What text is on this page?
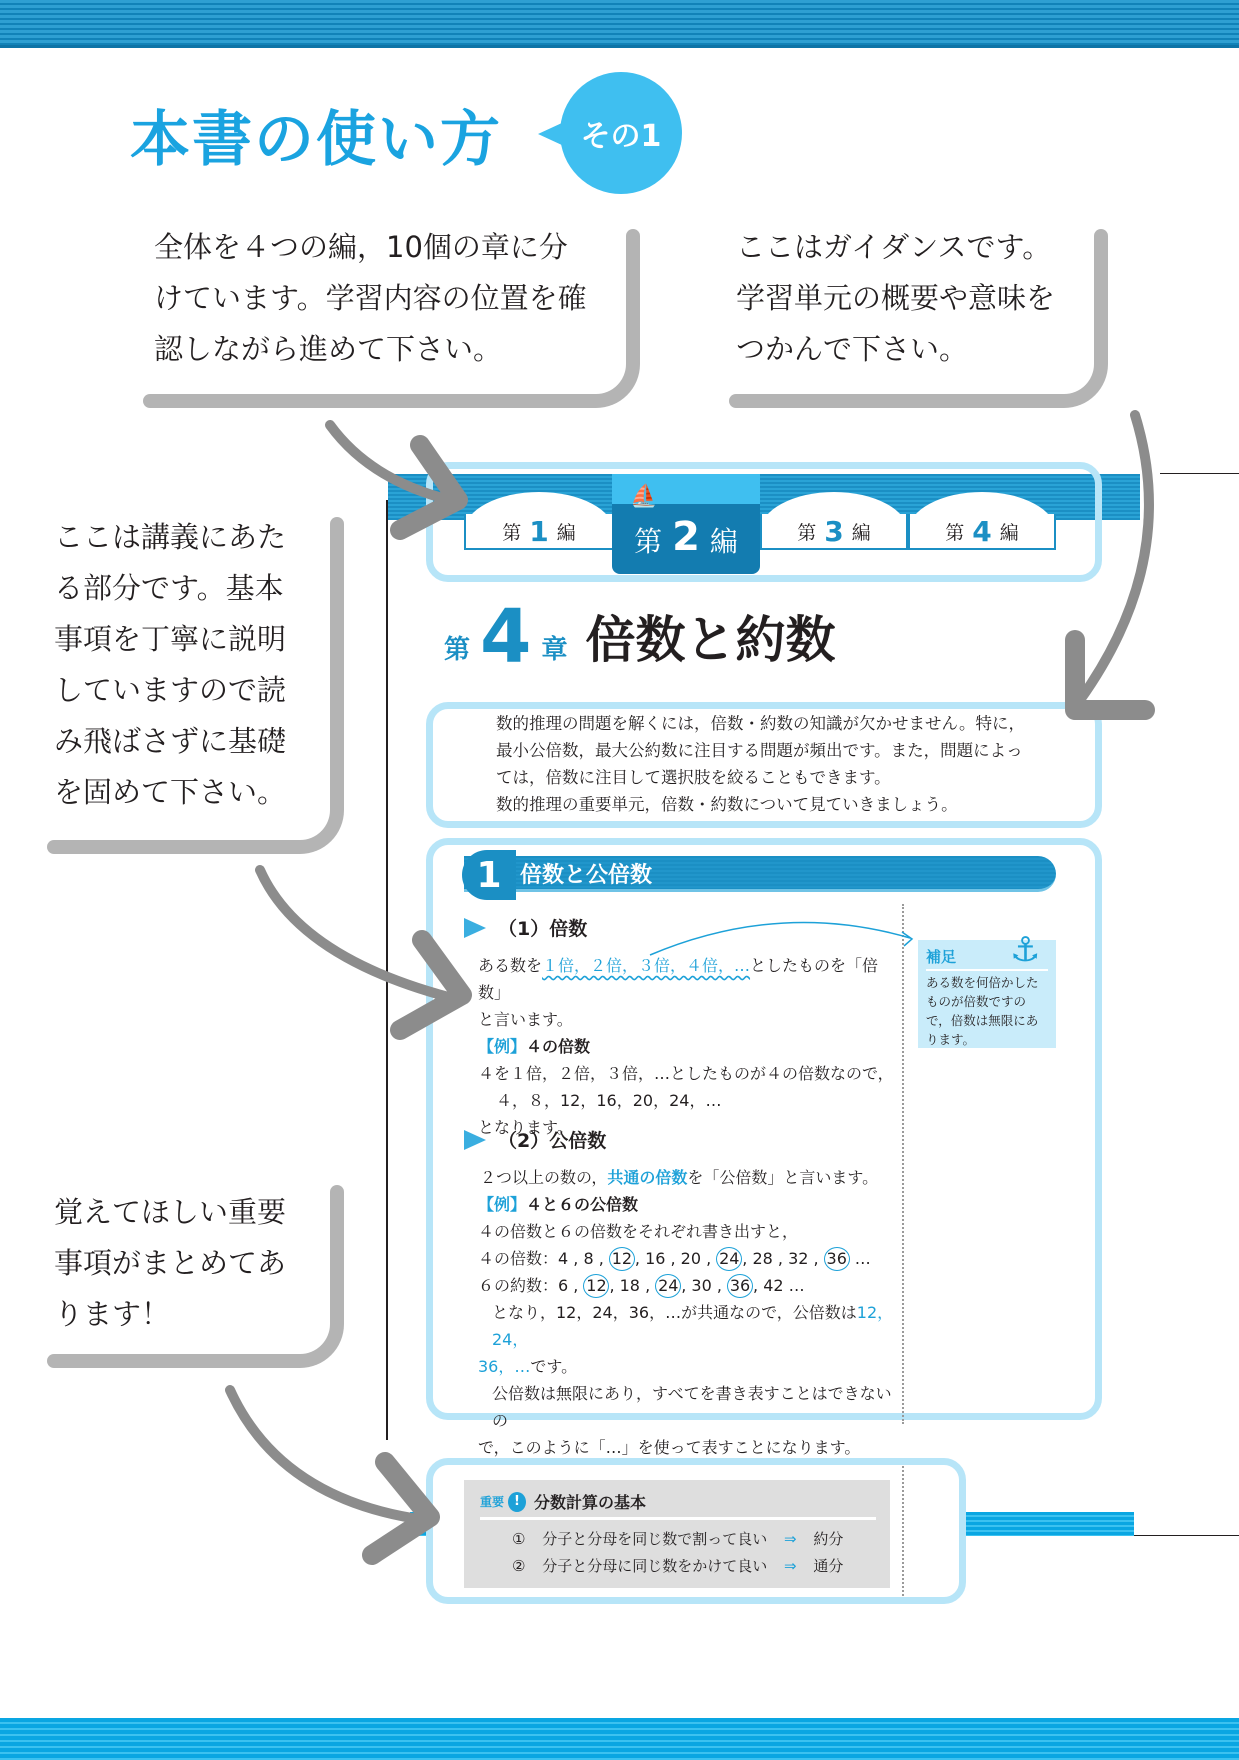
本書の使い方	その1
全体を４つの編，10個の章に分
けています。学習内容の位置を確
認しながら進めて下さい。
ここはガイダンスです。
学習単元の概要や意味を
つかんで下さい。
ここは講義にあた
る部分です。基本
事項を丁寧に説明
していますので読
み飛ばさずに基礎
を固めて下さい。
覚えてほしい重要
事項がまとめてあ
ります！
第 1 編	第 3 編	第 4 編
⛵
第 2 編
第 4 章 倍数と約数
数的推理の問題を解くには，倍数・約数の知識が欠かせません。特に，
最小公倍数，最大公約数に注目する問題が頻出です。また，問題によっ
ては，倍数に注目して選択肢を絞ることもできます。
数的推理の重要単元，倍数・約数について見ていきましょう。
1 倍数と公倍数
（1）倍数
ある数を１倍，２倍，３倍，４倍，…としたものを「倍数」
と言います。
【例】４の倍数
４を１倍，２倍，３倍，…としたものが４の倍数なので，
４，８，12，16，20，24，…
となります。
（2）公倍数
２つ以上の数の，共通の倍数を「公倍数」と言います。
【例】４と６の公倍数
４の倍数と６の倍数をそれぞれ書き出すと，
４の倍数：4 , 8 , 12 , 16 , 20 , 24 , 28 , 32 , 36 …
６の約数：6 , 12 , 18 , 24 , 30 , 36 , 42 …
となり，12，24，36，…が共通なので，公倍数は12，24，
36，…です。
公倍数は無限にあり，すべてを書き表すことはできないの
で，このように「…」を使って表すことになります。
補足
ある数を何倍かした
ものが倍数ですの
で，倍数は無限にあ
ります。
⚓
重要 ! 分数計算の基本
① 分子と分母を同じ数で割って良い ⇒ 約分
② 分子と分母に同じ数をかけて良い ⇒ 通分
